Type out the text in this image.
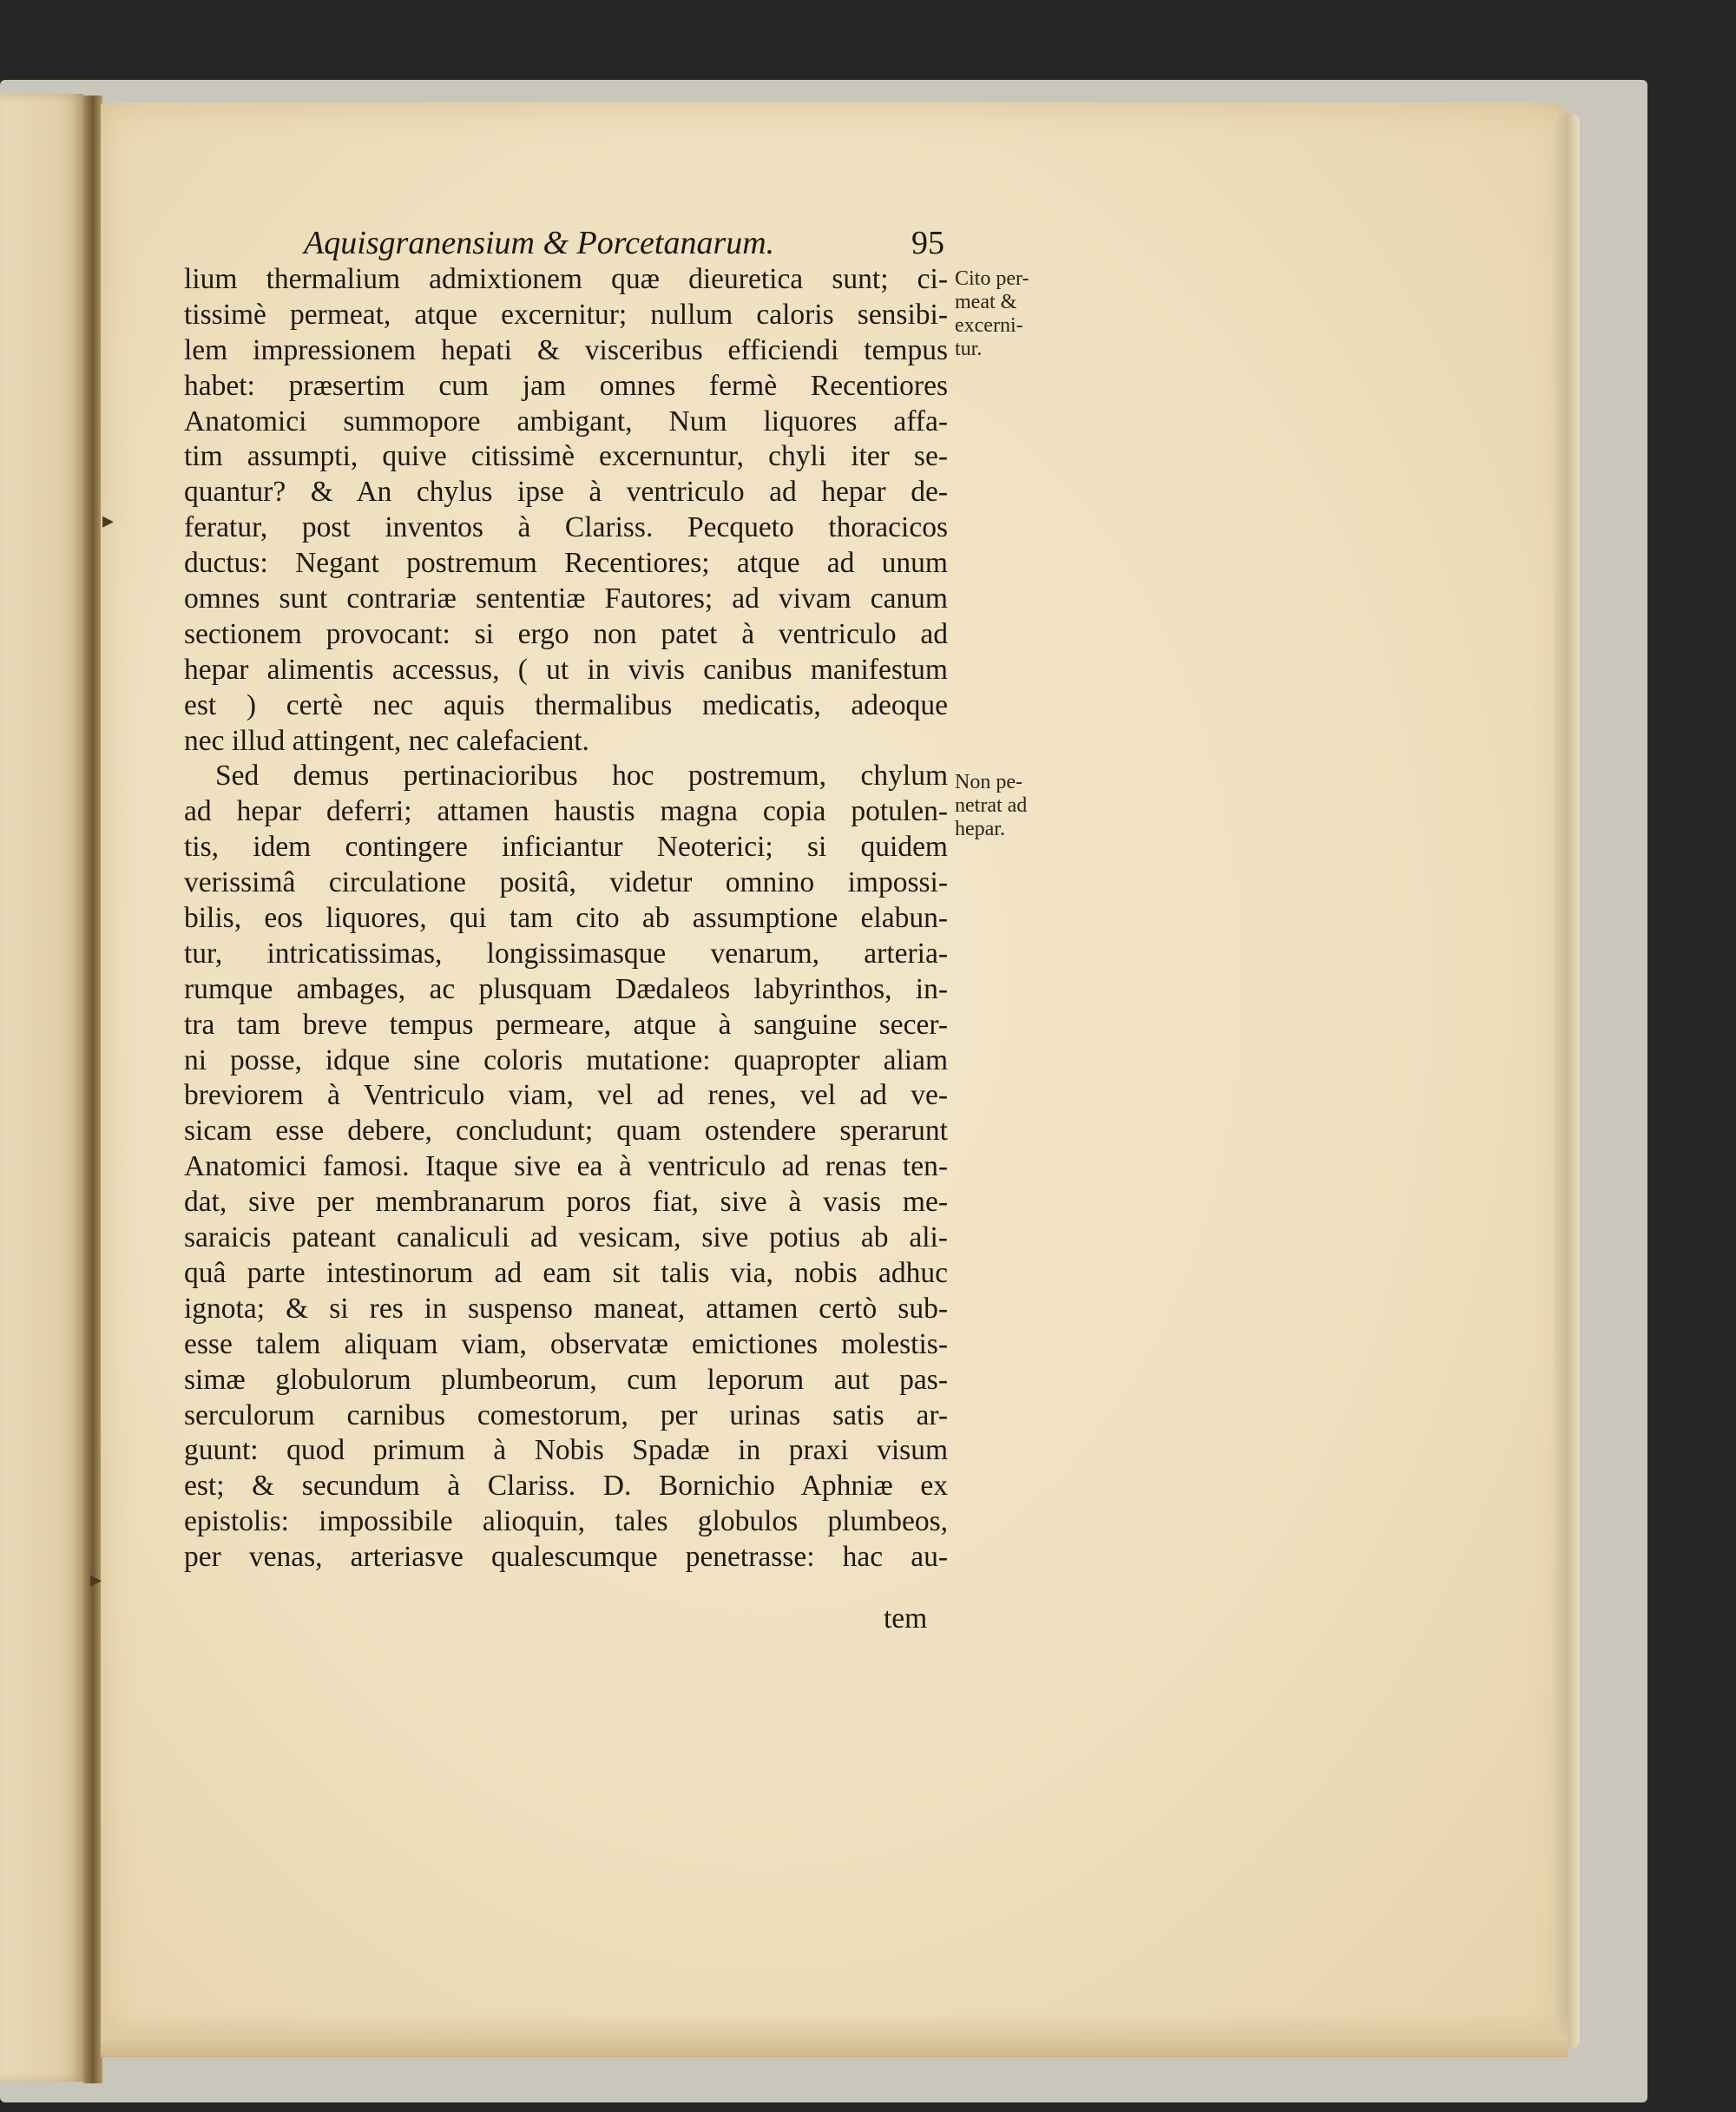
Aquisgranensium & Porcetanarum.	95
lium thermalium admixtionem quæ dieuretica sunt; ci-
tissimè permeat, atque excernitur; nullum caloris sensibi-
lem impressionem hepati & visceribus efficiendi tempus
habet: præsertim cum jam omnes fermè Recentiores
Anatomici summopore ambigant, Num liquores affa-
tim assumpti, quive citissimè excernuntur, chyli iter se-
quantur? & An chylus ipse à ventriculo ad hepar de-
feratur, post inventos à Clariss. Pecqueto thoracicos
ductus: Negant postremum Recentiores; atque ad unum
omnes sunt contrariæ sententiæ Fautores; ad vivam canum
sectionem provocant: si ergo non patet à ventriculo ad
hepar alimentis accessus, ( ut in vivis canibus manifestum
est ) certè nec aquis thermalibus medicatis, adeoque
nec illud attingent, nec calefacient.
Sed demus pertinacioribus hoc postremum, chylum
ad hepar deferri; attamen haustis magna copia potulen-
tis, idem contingere inficiantur Neoterici; si quidem
verissimâ circulatione positâ, videtur omnino impossi-
bilis, eos liquores, qui tam cito ab assumptione elabun-
tur, intricatissimas, longissimasque venarum, arteria-
rumque ambages, ac plusquam Dædaleos labyrinthos, in-
tra tam breve tempus permeare, atque à sanguine secer-
ni posse, idque sine coloris mutatione: quapropter aliam
breviorem à Ventriculo viam, vel ad renes, vel ad ve-
sicam esse debere, concludunt; quam ostendere sperarunt
Anatomici famosi. Itaque sive ea à ventriculo ad renas ten-
dat, sive per membranarum poros fiat, sive à vasis me-
saraicis pateant canaliculi ad vesicam, sive potius ab ali-
quâ parte intestinorum ad eam sit talis via, nobis adhuc
ignota; & si res in suspenso maneat, attamen certò sub-
esse talem aliquam viam, observatæ emictiones molestis-
simæ globulorum plumbeorum, cum leporum aut pas-
serculorum carnibus comestorum, per urinas satis ar-
guunt: quod primum à Nobis Spadæ in praxi visum
est; & secundum à Clariss. D. Bornichio Aphniæ ex
epistolis: impossibile alioquin, tales globulos plumbeos,
per venas, arteriasve qualescumque penetrasse: hac au-
tem
Cito per-
meat &
excerni-
tur.
Non pe-
netrat ad
hepar.
▸
▸
